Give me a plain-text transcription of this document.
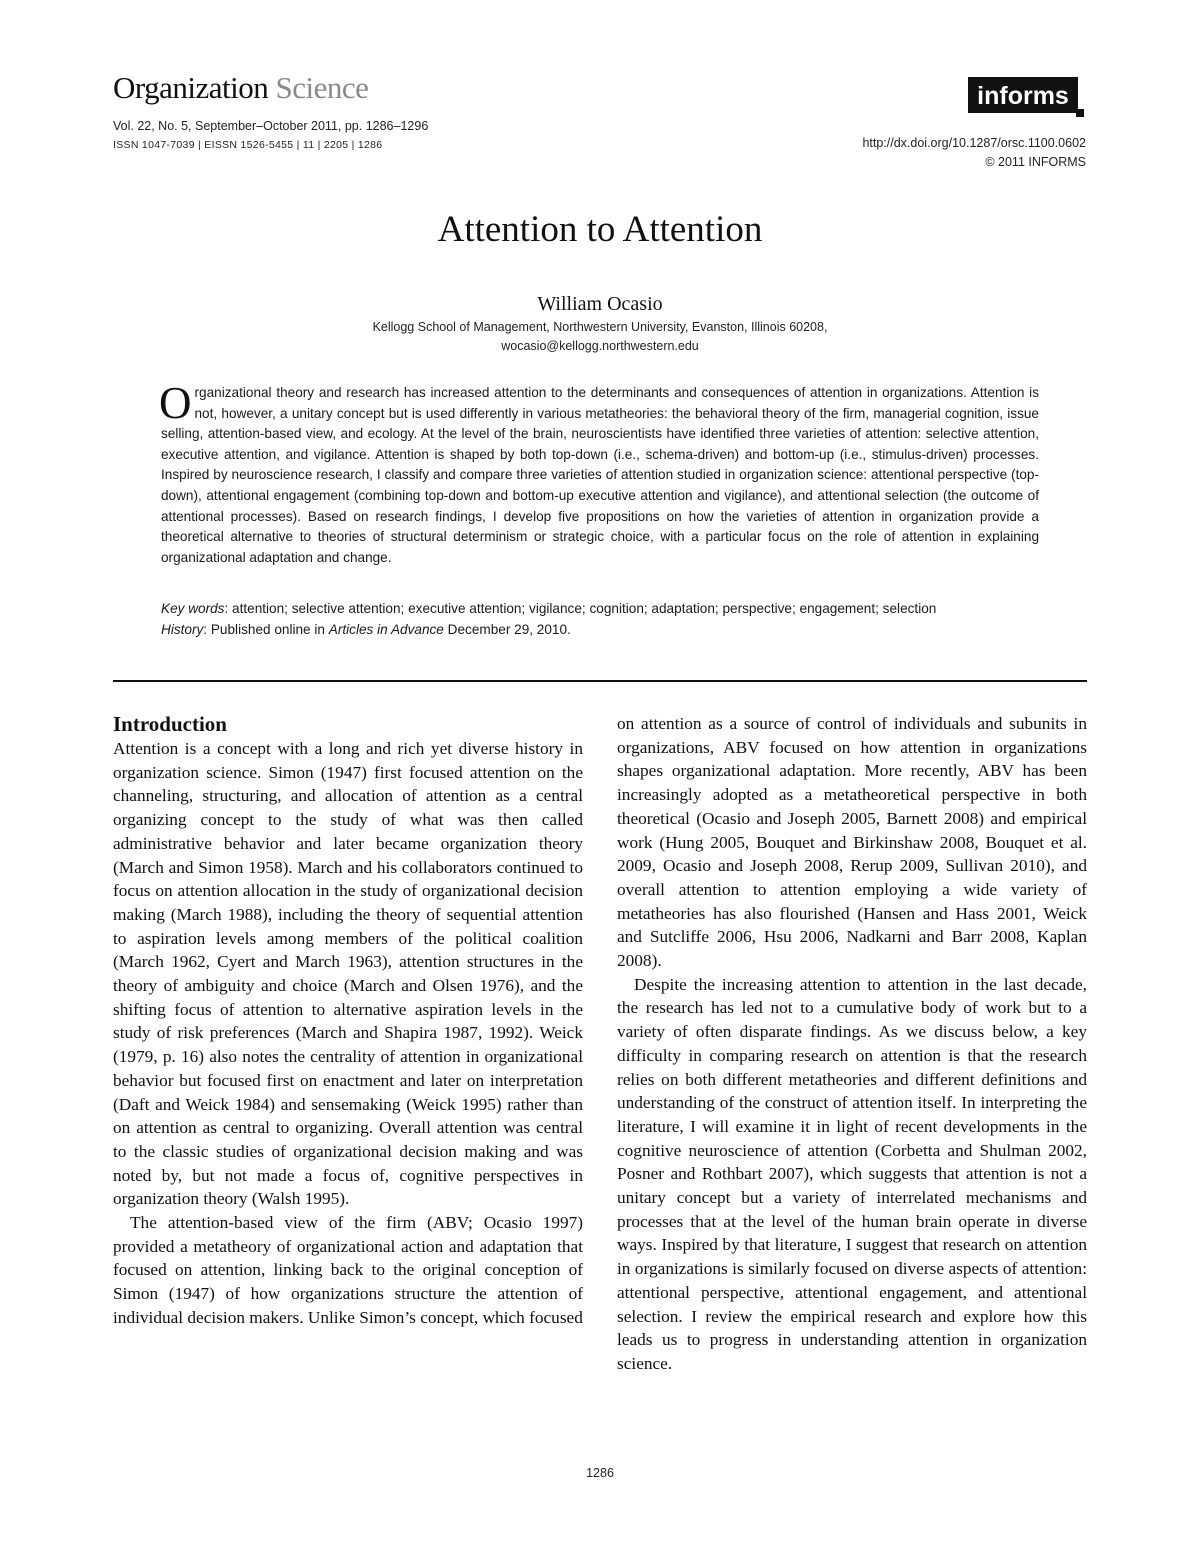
Organization Science
Vol. 22, No. 5, September–October 2011, pp. 1286–1296
ISSN 1047-7039 | EISSN 1526-5455 | 11 | 2205 | 1286
informs
http://dx.doi.org/10.1287/orsc.1100.0602
© 2011 INFORMS
Attention to Attention
William Ocasio
Kellogg School of Management, Northwestern University, Evanston, Illinois 60208,
wocasio@kellogg.northwestern.edu
Organizational theory and research has increased attention to the determinants and consequences of attention in organizations. Attention is not, however, a unitary concept but is used differently in various metatheories: the behavioral theory of the firm, managerial cognition, issue selling, attention-based view, and ecology. At the level of the brain, neuroscientists have identified three varieties of attention: selective attention, executive attention, and vigilance. Attention is shaped by both top-down (i.e., schema-driven) and bottom-up (i.e., stimulus-driven) processes. Inspired by neuroscience research, I classify and compare three varieties of attention studied in organization science: attentional perspective (top-down), attentional engagement (combining top-down and bottom-up executive attention and vigilance), and attentional selection (the outcome of attentional processes). Based on research findings, I develop five propositions on how the varieties of attention in organization provide a theoretical alternative to theories of structural determinism or strategic choice, with a particular focus on the role of attention in explaining organizational adaptation and change.

Key words: attention; selective attention; executive attention; vigilance; cognition; adaptation; perspective; engagement; selection

History: Published online in Articles in Advance December 29, 2010.

Introduction

Attention is a concept with a long and rich yet diverse history in organization science. Simon (1947) first focused attention on the channeling, structuring, and allocation of attention as a central organizing concept to the study of what was then called administrative behavior and later became organization theory (March and Simon 1958). March and his collaborators continued to focus on attention allocation in the study of organizational decision making (March 1988), including the theory of sequential attention to aspiration levels among members of the political coalition (March 1962, Cyert and March 1963), attention structures in the theory of ambiguity and choice (March and Olsen 1976), and the shifting focus of attention to alternative aspiration levels in the study of risk preferences (March and Shapira 1987, 1992). Weick (1979, p. 16) also notes the centrality of attention in organizational behavior but focused first on enactment and later on interpretation (Daft and Weick 1984) and sensemaking (Weick 1995) rather than on attention as central to organizing. Overall attention was central to the classic studies of organizational decision making and was noted by, but not made a focus of, cognitive perspectives in organization theory (Walsh 1995).

The attention-based view of the firm (ABV; Ocasio 1997) provided a metatheory of organizational action and adaptation that focused on attention, linking back to the original conception of Simon (1947) of how organizations structure the attention of individual decision makers. Unlike Simon’s concept, which focused

on attention as a source of control of individuals and subunits in organizations, ABV focused on how attention in organizations shapes organizational adaptation. More recently, ABV has been increasingly adopted as a metatheoretical perspective in both theoretical (Ocasio and Joseph 2005, Barnett 2008) and empirical work (Hung 2005, Bouquet and Birkinshaw 2008, Bouquet et al. 2009, Ocasio and Joseph 2008, Rerup 2009, Sullivan 2010), and overall attention to attention employing a wide variety of metatheories has also flourished (Hansen and Hass 2001, Weick and Sutcliffe 2006, Hsu 2006, Nadkarni and Barr 2008, Kaplan 2008).

Despite the increasing attention to attention in the last decade, the research has led not to a cumulative body of work but to a variety of often disparate findings. As we discuss below, a key difficulty in comparing research on attention is that the research relies on both different metatheories and different definitions and understanding of the construct of attention itself. In interpreting the literature, I will examine it in light of recent developments in the cognitive neuroscience of attention (Corbetta and Shulman 2002, Posner and Rothbart 2007), which suggests that attention is not a unitary concept but a variety of interrelated mechanisms and processes that at the level of the human brain operate in diverse ways. Inspired by that literature, I suggest that research on attention in organizations is similarly focused on diverse aspects of attention: attentional perspective, attentional engagement, and attentional selection. I review the empirical research and explore how this leads us to progress in understanding attention in organization science.

1286
